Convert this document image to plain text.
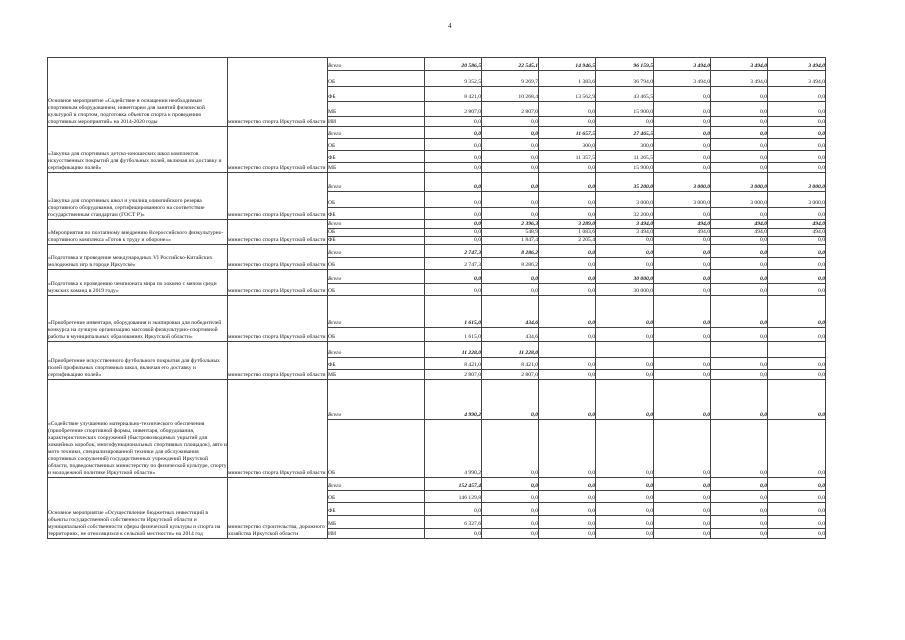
4
Основное мероприятие «Содействие в оснащении необходимым спортивным оборудованием, инвентарем для занятий физической культурой и спортом, подготовка объектов спорта к проведению спортивных мероприятий» на 2014-2020 годы	министерство спорта Иркутской области	Всего	20 586,5	22 545,1	14 946,5	96 159,5	3 494,0	3 494,0	3 494,0
		ОБ	9 352,5	9 269,7	1 383,6	36 794,0	3 494,0	3 494,0	3 494,0
		ФБ	8 421,0	10 268,4	13 562,9	43 465,5	0,0	0,0	0,0
		МБ	2 807,0	2 807,0	0,0	15 900,0	0,0	0,0	0,0
		ИИ	0,0	0,0	0,0	0,0	0,0	0,0	0,0
«Закупка для спортивных детско-юношеских школ комплектов искусственных покрытий для футбольных полей, включая их доставку и сертификацию полей»	министерство спорта Иркутской области	Всего	0,0	0,0	11 657,5	27 465,5	0,0	0,0	0,0
		ОБ	0,0	0,0	300,0	300,0	0,0	0,0	0,0
		ФБ	0,0	0,0	11 357,5	11 265,5	0,0	0,0	0,0
		МБ	0,0	0,0	0,0	15 900,0	0,0	0,0	0,0
«Закупка для спортивных школ и училищ олимпийского резерва спортивного оборудования, сертифицированного на соответствие государственным стандартам (ГОСТ Р)»	министерство спорта Иркутской области	Всего	0,0	0,0	0,0	35 200,0	3 000,0	3 000,0	3 000,0
		ОБ	0,0	0,0	0,0	3 000,0	3 000,0	3 000,0	3 000,0
		ФБ	0,0	0,0	0,0	32 200,0	0,0	0,0	0,0
«Мероприятия по поэтапному внедрению Всероссийского физкультурно-спортивного комплекса «Готов к труду и обороне»»	министерство спорта Иркутской области	Всего	0,0	2 396,3	3 289,0	3 494,0	494,0	494,0	494,0
		ОБ	0,0	548,9	1 083,6	3 494,0	494,0	494,0	494,0
		ФБ	0,0	1 847,4	2 205,4	0,0	0,0	0,0	0,0
«Подготовка и проведение международных VI Российско-Китайских молодежных игр в городе Иркутске»	министерство спорта Иркутской области	Всего	2 747,3	8 286,2	0,0	0,0	0,0	0,0	0,0
		ОБ	2 747,3	8 286,2	0,0	0,0	0,0	0,0	0,0
«Подготовка к проведению чемпионата мира по хоккею с мячом среди мужских команд в 2019 году»	министерство спорта Иркутской области	Всего	0,0	0,0	0,0	30 000,0	0,0	0,0	0,0
		ОБ	0,0	0,0	0,0	30 000,0	0,0	0,0	0,0
«Приобретение инвентаря, оборудования и экипировки для победителей конкурса на лучшую организацию массовой физкультурно-спортивной работы в муниципальных образованиях Иркутской области»	министерство спорта Иркутской области	Всего	1 615,0	434,6	0,0	0,0	0,0	0,0	0,0
		ОБ	1 615,0	434,6	0,0	0,0	0,0	0,0	0,0
«Приобретение искусственного футбольного покрытия для футбольных полей профильных спортивных школ, включая его доставку и сертификацию полей»	министерство спорта Иркутской области	Всего	11 228,0	11 228,0					
		ФБ	8 421,0	8 421,0	0,0	0,0	0,0	0,0	0,0
		МБ	2 807,0	2 807,0	0,0	0,0	0,0	0,0	0,0
«Содействие улучшению материально-технического обеспечения (приобретение спортивной формы, инвентаря, оборудования, характеристических сооружений (быстровозводимых укрытий для хоккейных коробок, многофункциональных спортивных площадок), авто и мото техники, специализированной техники для обслуживания спортивных сооружений) государственных учреждений Иркутской области, подведомственных министерству по физической культуре, спорту и молодежной политике Иркутской области»	министерство спорта Иркутской области	Всего	4 990,2	0,0	0,0	0,0	0,0	0,0	0,0
		ОБ	4 990,2	0,0	0,0	0,0	0,0	0,0	0,0
Основное мероприятие «Осуществление бюджетных инвестиций в объекты государственной собственности Иркутской области и муниципальной собственности сферы физической культуры и спорта на территориях, не относящихся к сельской местности» на 2014 год	министерство строительства, дорожного хозяйства Иркутской области	Всего	152 457,4	0,0	0,0	0,0	0,0	0,0	0,0
		ОБ	146 129,8	0,0	0,0	0,0	0,0	0,0	0,0
		ФБ	0,0	0,0	0,0	0,0	0,0	0,0	0,0
		МБ	6 327,6	0,0	0,0	0,0	0,0	0,0	0,0
		ИИ	0,0	0,0	0,0	0,0	0,0	0,0	0,0
